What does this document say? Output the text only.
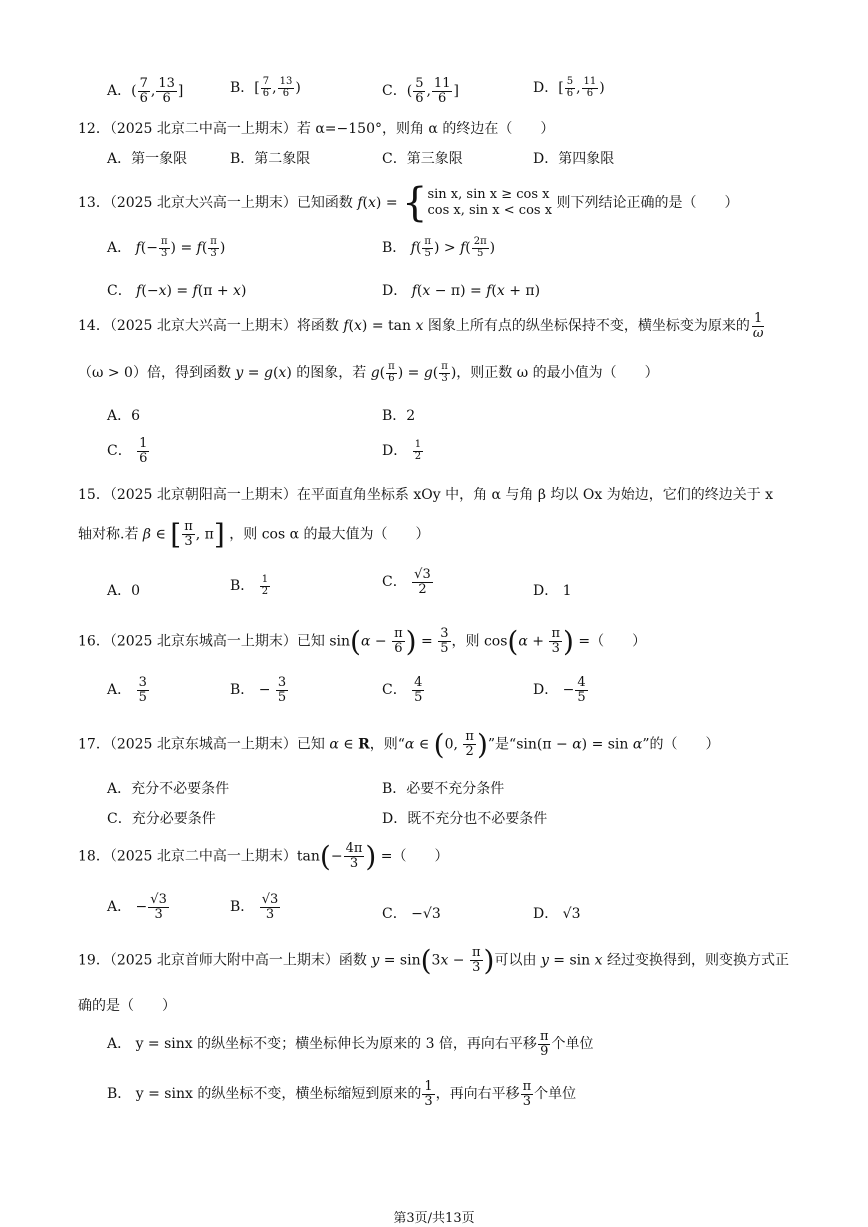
A．( $\frac{7}{6}$ , $\frac{13}{6}$ ]	B．[ $\frac{7}{6}$ , $\frac{13}{6}$ )	C．( $\frac{5}{6}$ , $\frac{11}{6}$ ]	D．[ $\frac{5}{6}$ , $\frac{11}{6}$ )
12．（2025 北京二中高一上期末）若 α=−150°，则角 α 的终边在（　　）
A．第一象限	B．第二象限	C．第三象限	D．第四象限
13．（2025 北京大兴高一上期末）已知函数 f(x) = { sin x, sin x ≥ cos x
cos x, sin x < cos x 则下列结论正确的是（　　）
A． $f(- \frac{\pi}{3}$ ) = $f( \frac{\pi}{3}$ )	B． $f( \frac{\pi}{5}$ ) > $f( \frac{2\pi}{5}$ )
C． f(−x) = f(π + x)	D． f(x − π) = f(x + π)
14．（2025 北京大兴高一上期末）将函数 f(x) = tan x 图象上所有点的纵坐标保持不变，横坐标变为原来的 $\frac{1}{\omega}$
（ω > 0）倍，得到函数 y = g(x) 的图象，若 $g( \frac{\pi}{6}$ ) = $g( \frac{\pi}{3}$ )，则正数 ω 的最小值为（　　）
A．6	B．2
C． $\frac{1}{6}$	D． $\frac{1}{2}$
15．（2025 北京朝阳高一上期末）在平面直角坐标系 xOy 中，角 α 与角 β 均以 Ox 为始边，它们的终边关于 x
轴对称.若 β ∈ [ $\frac{\pi}{3}$ , π] ，则 cos α 的最大值为（　　）
A．0	B． $\frac{1}{2}$	C． $\frac{√3}{2}$	D． 1
16．（2025 北京东城高一上期末）已知 $\sin(\alpha - \frac{\pi}{6}$ ) = $\frac{3}{5}$ ，则 $\cos(\alpha + \frac{\pi}{3}$ ) =（　　）
A． $\frac{3}{5}$	B． − $\frac{3}{5}$	C． $\frac{4}{5}$	D． − $\frac{4}{5}$
17．（2025 北京东城高一上期末）已知 α ∈ R，则“α ∈ (0, $\frac{\pi}{2}$ )”是“sin(π − α) = sin α”的（　　）
A．充分不必要条件	B．必要不充分条件
C．充分必要条件	D．既不充分也不必要条件
18．（2025 北京二中高一上期末）$\tan(- \frac{4\pi}{3}$ ) =（　　）
A． − $\frac{√3}{3}$	B． $\frac{√3}{3}$	C． −√3	D． √3
19．（2025 北京首师大附中高一上期末）函数 $y = \sin(3x - \frac{\pi}{3}$ )可以由 y = sin x 经过变换得到，则变换方式正
确的是（　　）
A． y = sinx 的纵坐标不变；横坐标伸长为原来的 3 倍，再向右平移 $\frac{\pi}{9}$ 个单位
B． y = sinx 的纵坐标不变，横坐标缩短到原来的 $\frac{1}{3}$ ，再向右平移 $\frac{\pi}{3}$ 个单位
第3页/共13页
